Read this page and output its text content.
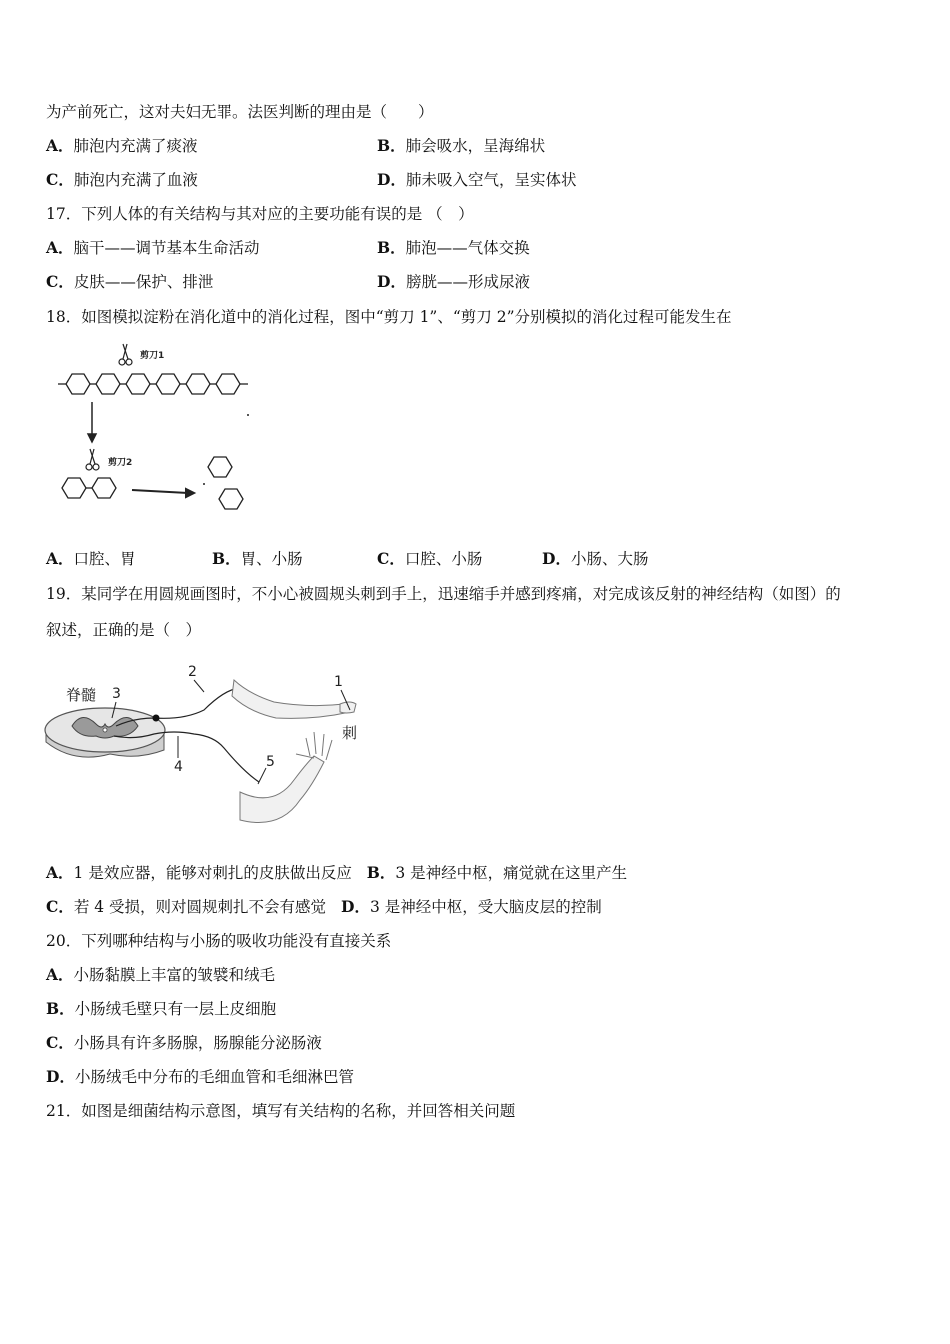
为产前死亡，这对夫妇无罪。法医判断的理由是（　　）
A．肺泡内充满了痰液	B．肺会吸水，呈海绵状
C．肺泡内充满了血液	D．肺未吸入空气，呈实体状
17．下列人体的有关结构与其对应的主要功能有误的是 （　）
A．脑干——调节基本生命活动	B．肺泡——气体交换
C．皮肤——保护、排泄	D．膀胱——形成尿液
18．如图模拟淀粉在消化道中的消化过程，图中“剪刀 1”、“剪刀 2”分别模拟的消化过程可能发生在
剪刀1
剪刀2
A．口腔、胃	B．胃、小肠	C．口腔、小肠	D．小肠、大肠
19．某同学在用圆规画图时，不小心被圆规头刺到手上，迅速缩手并感到疼痛，对完成该反射的神经结构（如图）的
叙述，正确的是（　）
脊髓 3
2
4
1
刺
5
A．1 是效应器，能够对刺扎的皮肤做出反应 B．3 是神经中枢，痛觉就在这里产生
C．若 4 受损，则对圆规刺扎不会有感觉 D．3 是神经中枢，受大脑皮层的控制
20．下列哪种结构与小肠的吸收功能没有直接关系
A．小肠黏膜上丰富的皱襞和绒毛
B．小肠绒毛壁只有一层上皮细胞
C．小肠具有许多肠腺，肠腺能分泌肠液
D．小肠绒毛中分布的毛细血管和毛细淋巴管
21．如图是细菌结构示意图，填写有关结构的名称，并回答相关问题
